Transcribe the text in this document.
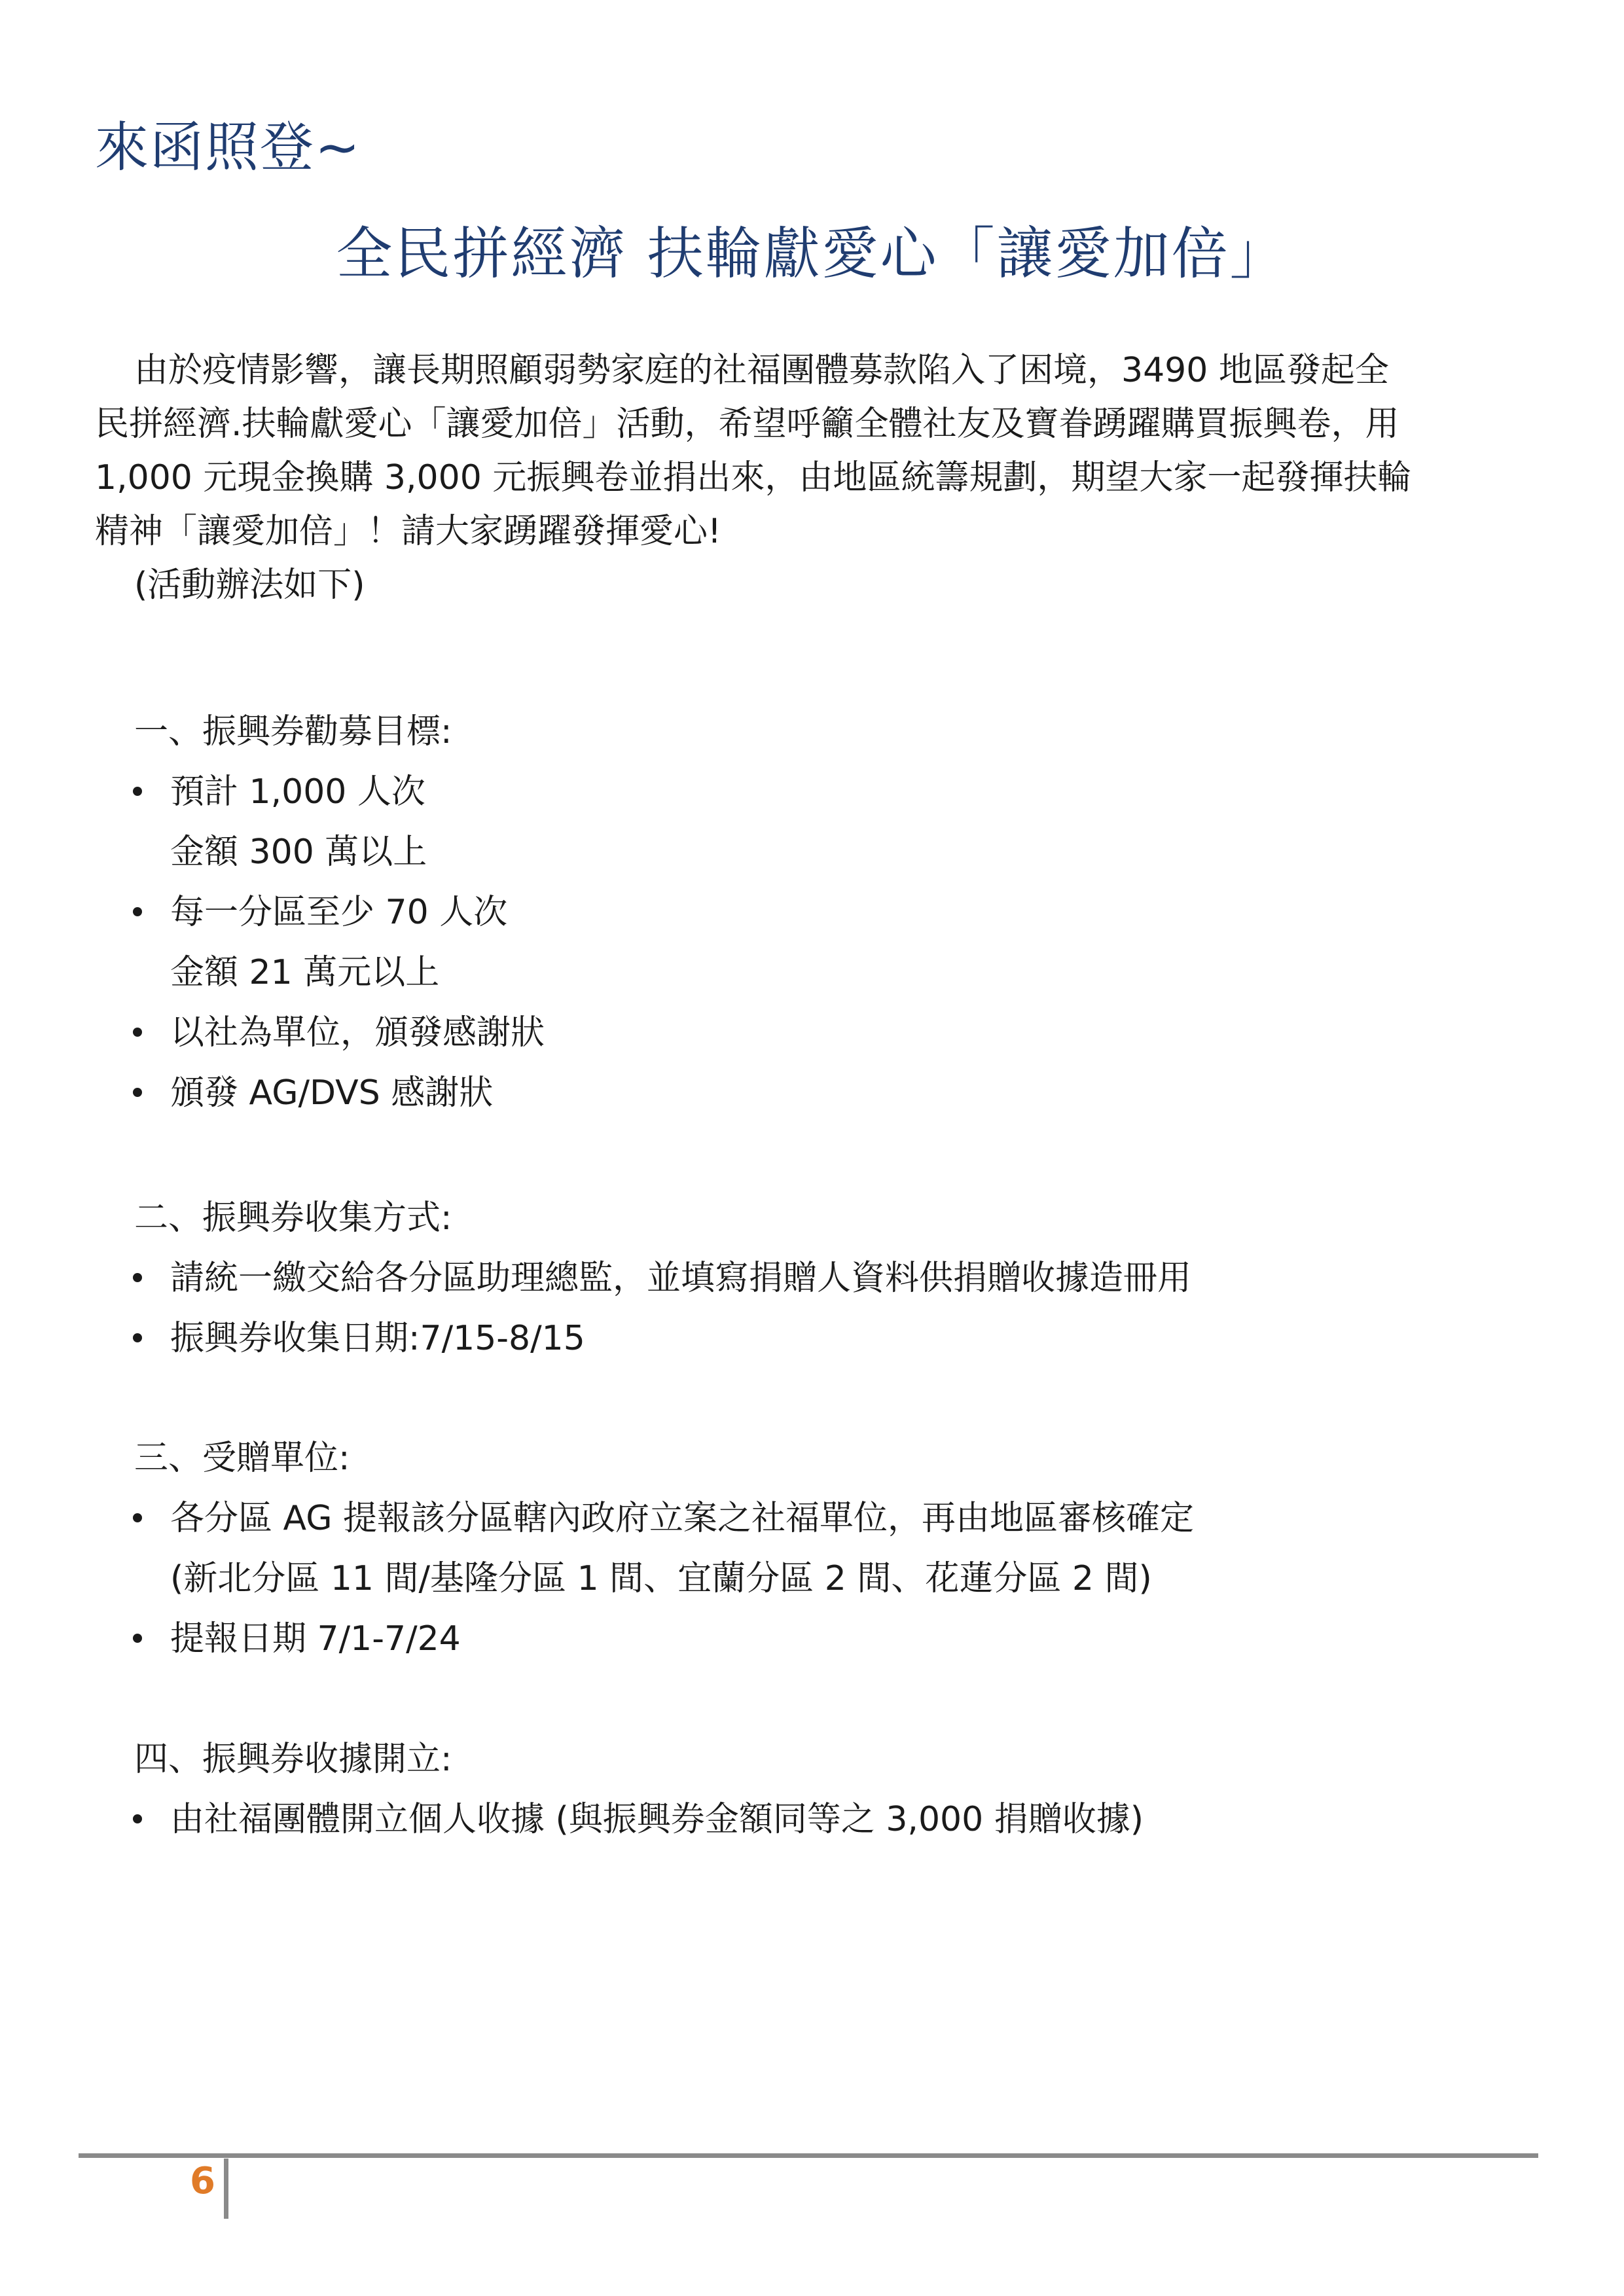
來函照登~
全民拼經濟 扶輪獻愛心「讓愛加倍」

由於疫情影響，讓長期照顧弱勢家庭的社福團體募款陷入了困境，3490 地區發起全

民拼經濟.扶輪獻愛心「讓愛加倍」活動，希望呼籲全體社友及寶眷踴躍購買振興卷，用

1,000 元現金換購 3,000 元振興卷並捐出來，由地區統籌規劃，期望大家一起發揮扶輪

精神「讓愛加倍」！請大家踴躍發揮愛心!

(活動辦法如下)

一、振興券勸募目標:
預計 1,000 人次
金額 300 萬以上
每一分區至少 70 人次
金額 21 萬元以上
以社為單位，頒發感謝狀
頒發 AG/DVS 感謝狀
二、振興券收集方式:
請統一繳交給各分區助理總監，並填寫捐贈人資料供捐贈收據造冊用
振興券收集日期:7/15-8/15
三、受贈單位:
各分區 AG 提報該分區轄內政府立案之社福單位，再由地區審核確定
(新北分區 11 間/基隆分區 1 間、宜蘭分區 2 間、花蓮分區 2 間)
提報日期 7/1-7/24
四、振興券收據開立:
由社福團體開立個人收據 (與振興券金額同等之 3,000 捐贈收據)
6
